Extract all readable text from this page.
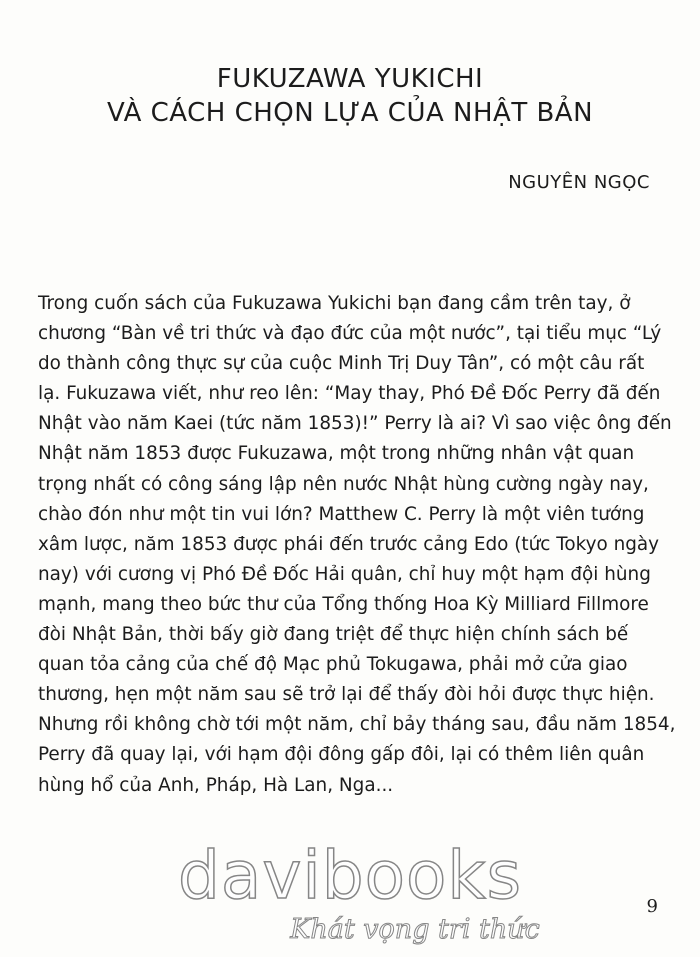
FUKUZAWA YUKICHI
VÀ CÁCH CHỌN LỰA CỦA NHẬT BẢN
NGUYÊN NGỌC
Trong cuốn sách của Fukuzawa Yukichi bạn đang cầm trên tay, ở
chương “Bàn về tri thức và đạo đức của một nước”, tại tiểu mục “Lý
do thành công thực sự của cuộc Minh Trị Duy Tân”, có một câu rất
lạ. Fukuzawa viết, như reo lên: “May thay, Phó Đề Đốc Perry đã đến
Nhật vào năm Kaei (tức năm 1853)!” Perry là ai? Vì sao việc ông đến
Nhật năm 1853 được Fukuzawa, một trong những nhân vật quan
trọng nhất có công sáng lập nên nước Nhật hùng cường ngày nay,
chào đón như một tin vui lớn? Matthew C. Perry là một viên tướng
xâm lược, năm 1853 được phái đến trước cảng Edo (tức Tokyo ngày
nay) với cương vị Phó Đề Đốc Hải quân, chỉ huy một hạm đội hùng
mạnh, mang theo bức thư của Tổng thống Hoa Kỳ Milliard Fillmore
đòi Nhật Bản, thời bấy giờ đang triệt để thực hiện chính sách bế
quan tỏa cảng của chế độ Mạc phủ Tokugawa, phải mở cửa giao
thương, hẹn một năm sau sẽ trở lại để thấy đòi hỏi được thực hiện.
Nhưng rồi không chờ tới một năm, chỉ bảy tháng sau, đầu năm 1854,
Perry đã quay lại, với hạm đội đông gấp đôi, lại có thêm liên quân
hùng hổ của Anh, Pháp, Hà Lan, Nga...
9
davibooks
Khát vọng tri thức
